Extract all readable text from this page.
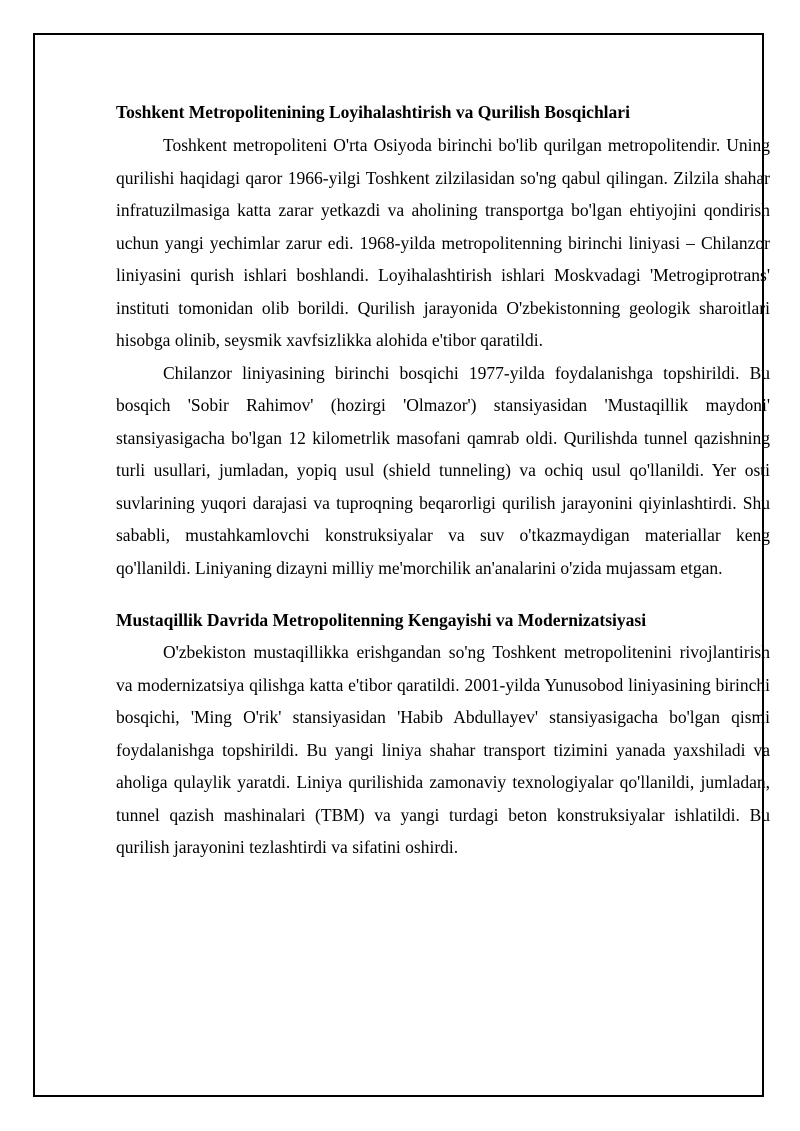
Toshkent Metropolitenining Loyihalashtirish va Qurilish Bosqichlari

Toshkent metropoliteni O'rta Osiyoda birinchi bo'lib qurilgan metropolitendir. Uning qurilishi haqidagi qaror 1966-yilgi Toshkent zilzilasidan so'ng qabul qilingan. Zilzila shahar infratuzilmasiga katta zarar yetkazdi va aholining transportga bo'lgan ehtiyojini qondirish uchun yangi yechimlar zarur edi. 1968-yilda metropolitenning birinchi liniyasi – Chilanzor liniyasini qurish ishlari boshlandi. Loyihalashtirish ishlari Moskvadagi 'Metrogiprotrans' instituti tomonidan olib borildi. Qurilish jarayonida O'zbekistonning geologik sharoitlari hisobga olinib, seysmik xavfsizlikka alohida e'tibor qaratildi.

Chilanzor liniyasining birinchi bosqichi 1977-yilda foydalanishga topshirildi. Bu bosqich 'Sobir Rahimov' (hozirgi 'Olmazor') stansiyasidan 'Mustaqillik maydoni' stansiyasigacha bo'lgan 12 kilometrlik masofani qamrab oldi. Qurilishda tunnel qazishning turli usullari, jumladan, yopiq usul (shield tunneling) va ochiq usul qo'llanildi. Yer osti suvlarining yuqori darajasi va tuproqning beqarorligi qurilish jarayonini qiyinlashtirdi. Shu sababli, mustahkamlovchi konstruksiyalar va suv o'tkazmaydigan materiallar keng qo'llanildi. Liniyaning dizayni milliy me'morchilik an'analarini o'zida mujassam etgan.

Mustaqillik Davrida Metropolitenning Kengayishi va Modernizatsiyasi

O'zbekiston mustaqillikka erishgandan so'ng Toshkent metropolitenini rivojlantirish va modernizatsiya qilishga katta e'tibor qaratildi. 2001-yilda Yunusobod liniyasining birinchi bosqichi, 'Ming O'rik' stansiyasidan 'Habib Abdullayev' stansiyasigacha bo'lgan qismi foydalanishga topshirildi. Bu yangi liniya shahar transport tizimini yanada yaxshiladi va aholiga qulaylik yaratdi. Liniya qurilishida zamonaviy texnologiyalar qo'llanildi, jumladan, tunnel qazish mashinalari (TBM) va yangi turdagi beton konstruksiyalar ishlatildi. Bu qurilish jarayonini tezlashtirdi va sifatini oshirdi.
